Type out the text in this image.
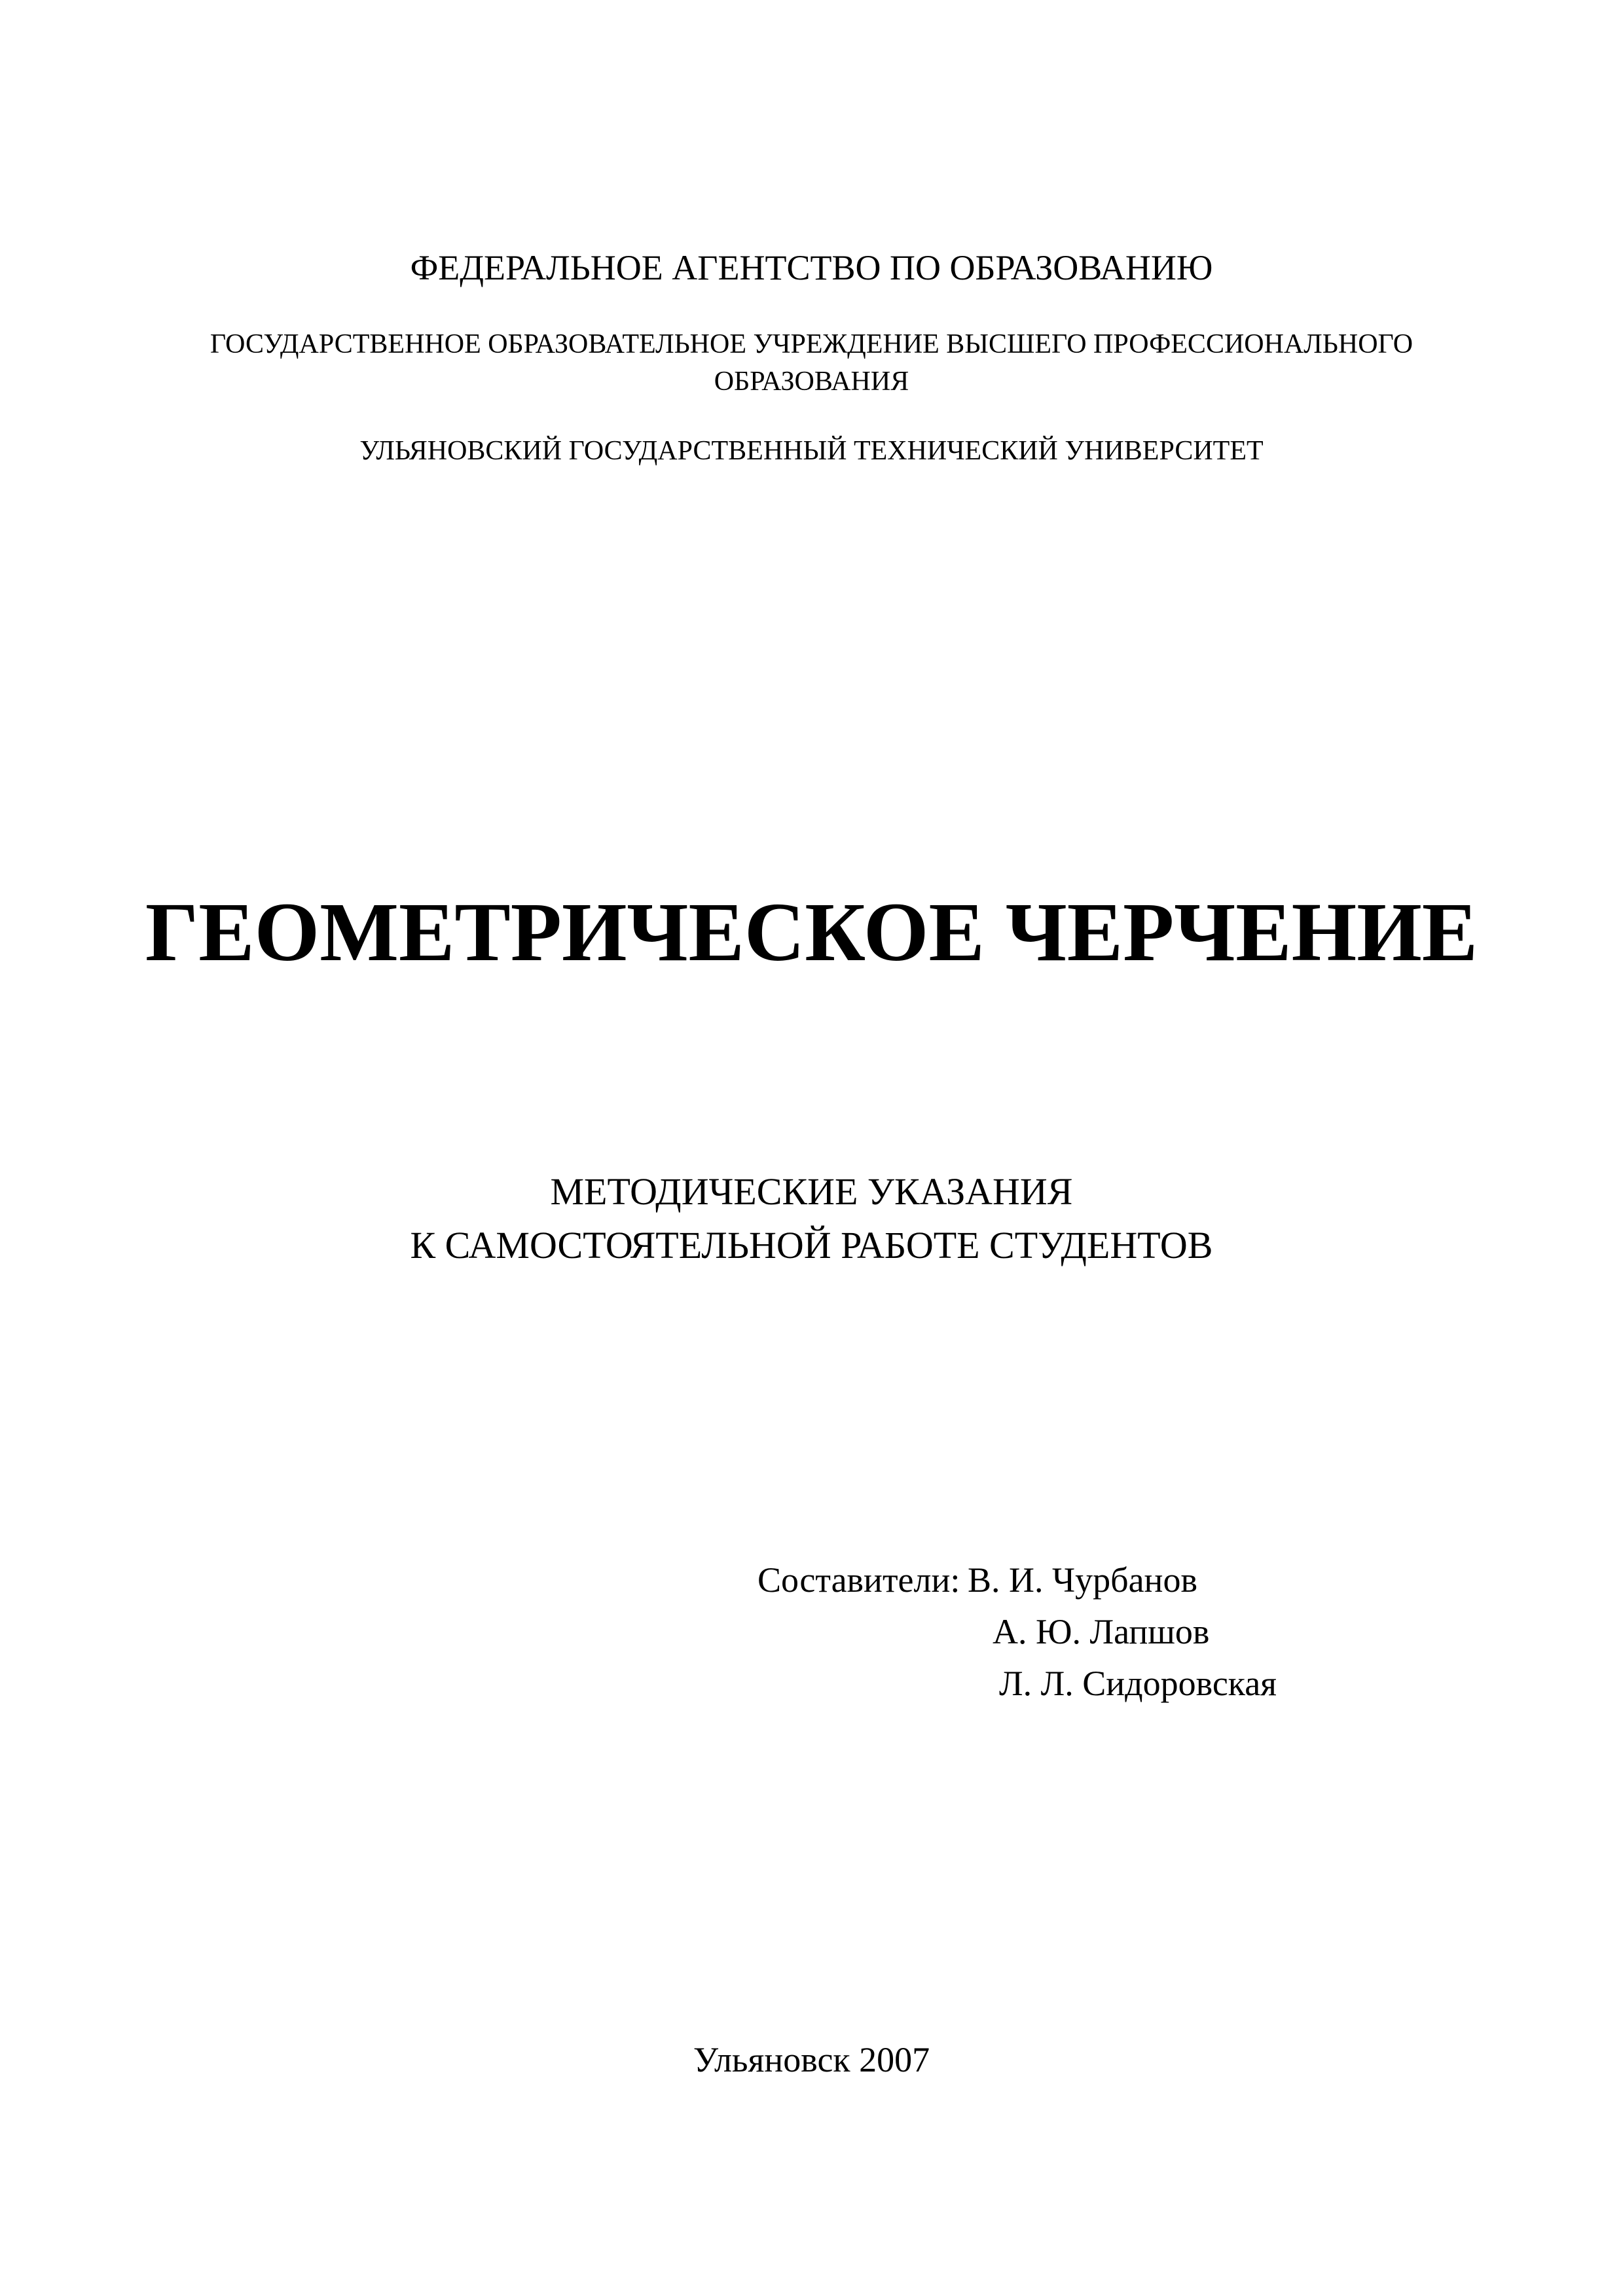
ФЕДЕРАЛЬНОЕ АГЕНТСТВО ПО ОБРАЗОВАНИЮ
ГОСУДАРСТВЕННОЕ ОБРАЗОВАТЕЛЬНОЕ УЧРЕЖДЕНИЕ ВЫСШЕГО ПРОФЕССИОНАЛЬНОГО
ОБРАЗОВАНИЯ
УЛЬЯНОВСКИЙ ГОСУДАРСТВЕННЫЙ ТЕХНИЧЕСКИЙ УНИВЕРСИТЕТ
ГЕОМЕТРИЧЕСКОЕ ЧЕРЧЕНИЕ
МЕТОДИЧЕСКИЕ УКАЗАНИЯ
К САМОСТОЯТЕЛЬНОЙ РАБОТЕ СТУДЕНТОВ
Составители: В. И. Чурбанов
А. Ю. Лапшов
Л. Л. Сидоровская
Ульяновск 2007
